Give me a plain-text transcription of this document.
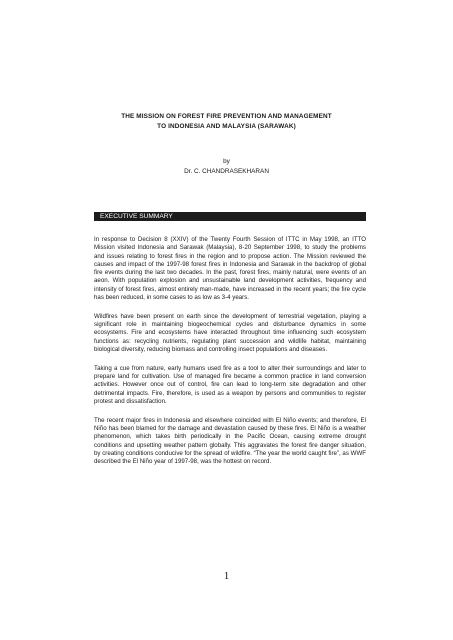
THE MISSION ON FOREST FIRE PREVENTION AND MANAGEMENT
TO INDONESIA AND MALAYSIA (SARAWAK)
by
Dr. C. CHANDRASEKHARAN
EXECUTIVE SUMMARY

In response to Decision 8 (XXIV) of the Twenty Fourth Session of ITTC in May 1998, an ITTO Mission visited Indonesia and Sarawak (Malaysia), 8-20 September 1998, to study the problems and issues relating to forest fires in the region and to propose action. The Mission reviewed the causes and impact of the 1997-98 forest fires in Indonesia and Sarawak in the backdrop of global fire events during the last two decades. In the past, forest fires, mainly natural, were events of an aeon. With population explosion and unsustainable land development activities, frequency and intensity of forest fires, almost entirely man-made, have increased in the recent years; the fire cycle has been reduced, in some cases to as low as 3-4 years.

Wildfires have been present on earth since the development of terrestrial vegetation, playing a significant role in maintaining biogeochemical cycles and disturbance dynamics in some ecosystems. Fire and ecosystems have interacted throughout time influencing such ecosystem functions as: recycling nutrients, regulating plant succession and wildlife habitat, maintaining biological diversity, reducing biomass and controlling insect populations and diseases.

Taking a cue from nature, early humans used fire as a tool to alter their surroundings and later to prepare land for cultivation. Use of managed fire became a common practice in land conversion activities. However once out of control, fire can lead to long-term site degradation and other detrimental impacts. Fire, therefore, is used as a weapon by persons and communities to register protest and dissatisfaction.

The recent major fires in Indonesia and elsewhere coincided with El Niño events; and therefore, El Niño has been blamed for the damage and devastation caused by these fires. El Niño is a weather phenomenon, which takes birth periodically in the Pacific Ocean, causing extreme drought conditions and upsetting weather pattern globally. This aggravates the forest fire danger situation, by creating conditions conducive for the spread of wildfire. “The year the world caught fire”, as WWF described the El Niño year of 1997-98, was the hottest on record.

1
